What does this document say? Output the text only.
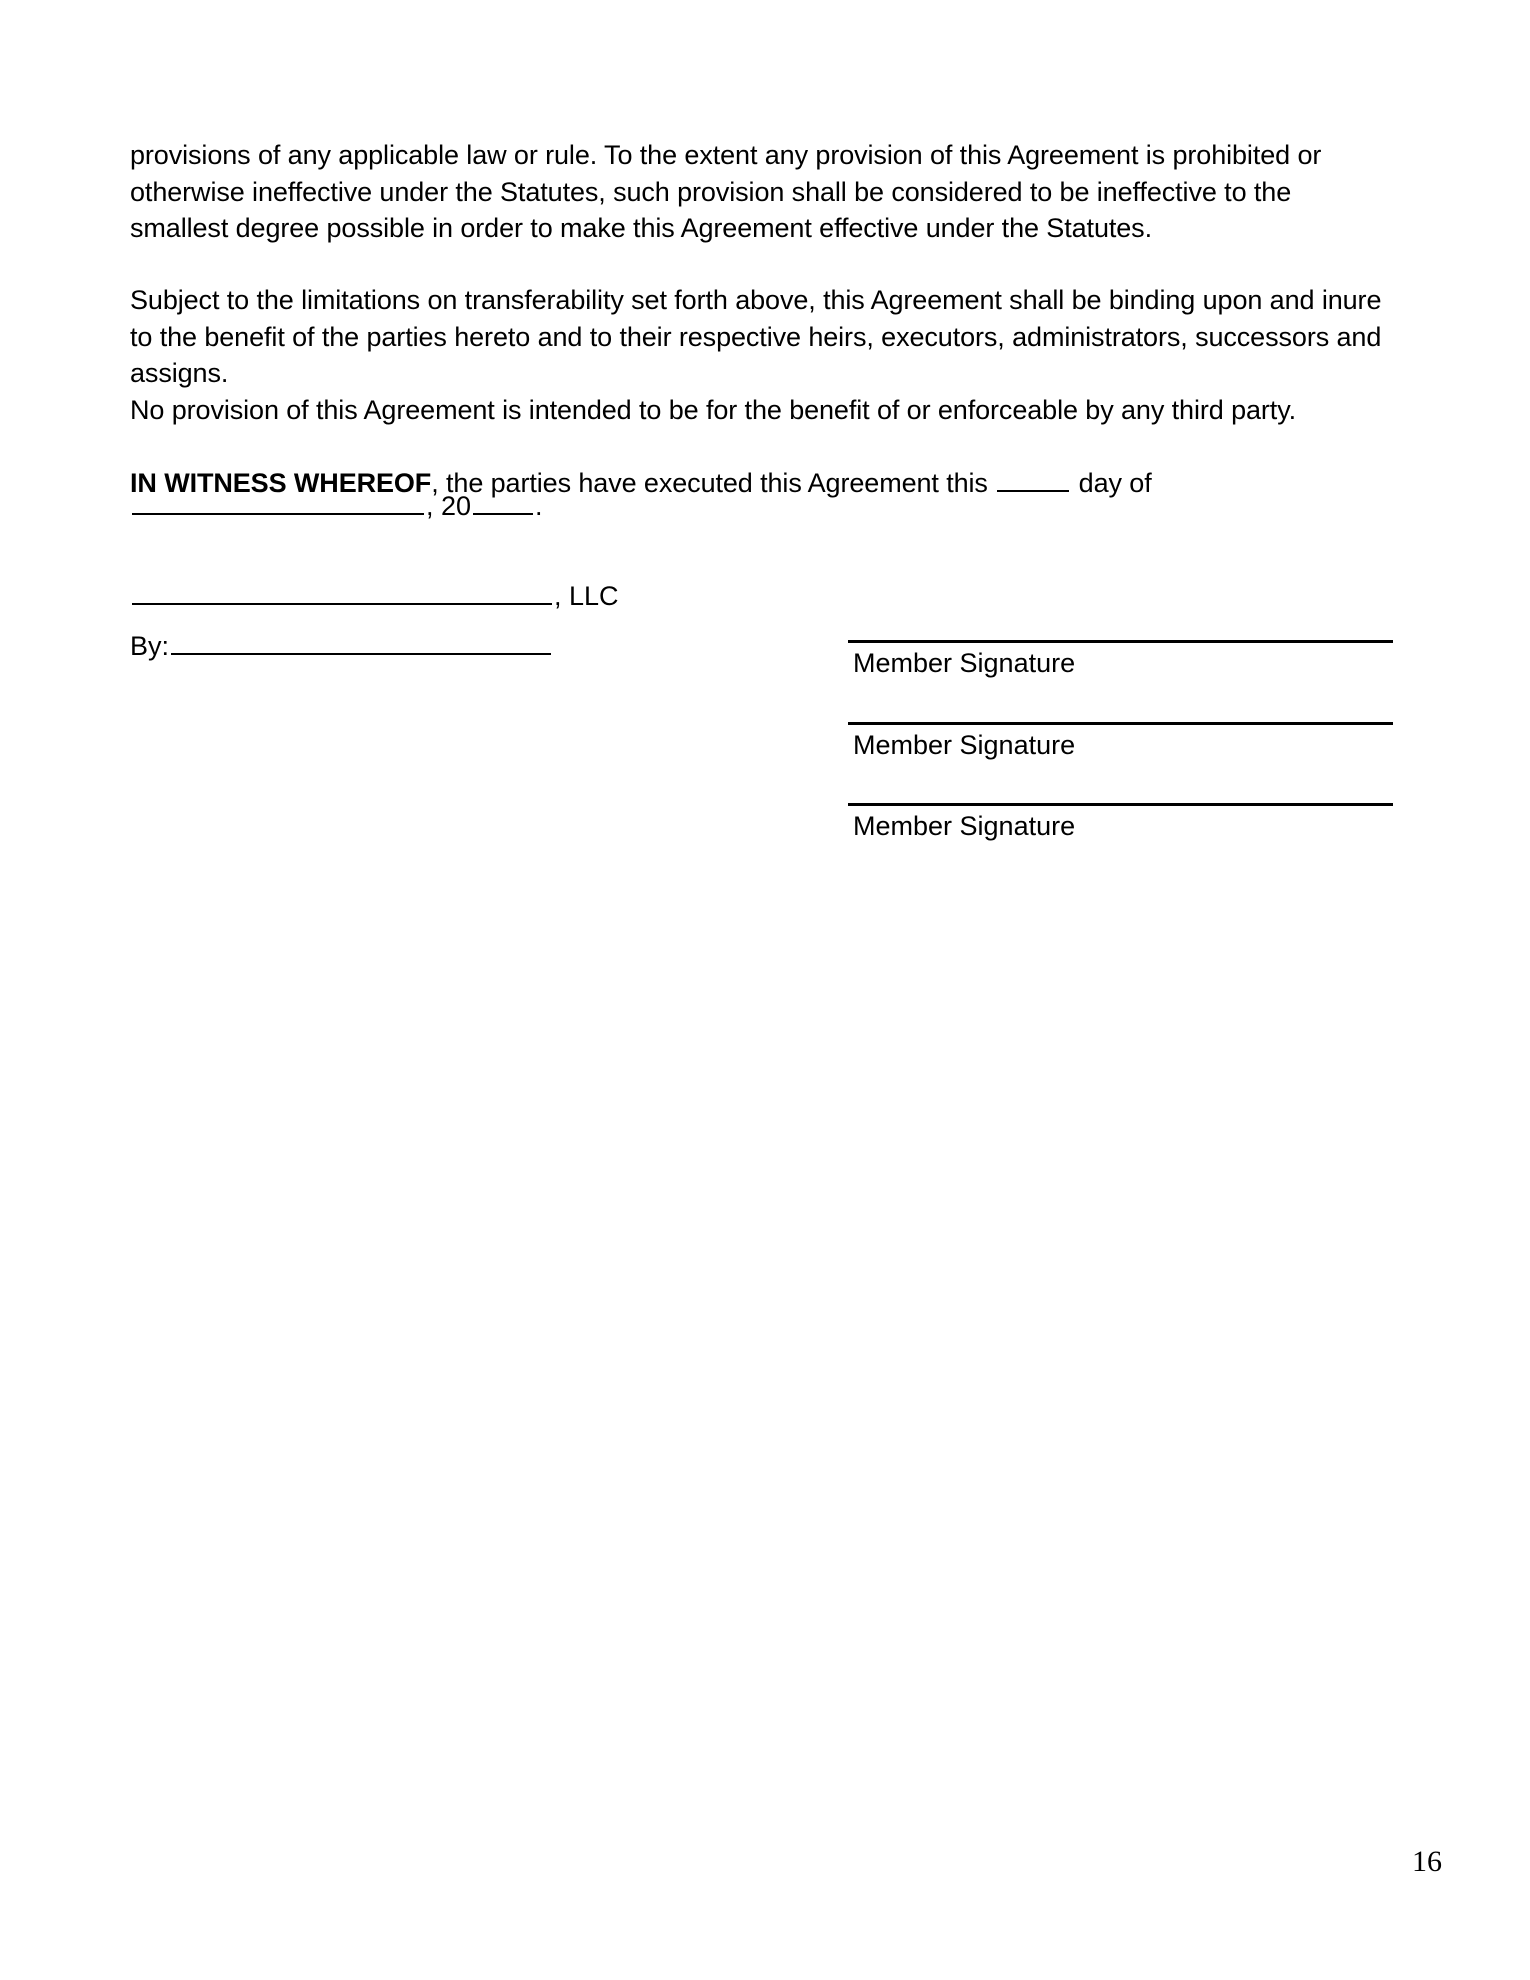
provisions of any applicable law or rule. To the extent any provision of this Agreement is prohibited or otherwise ineffective under the Statutes, such provision shall be considered to be ineffective to the smallest degree possible in order to make this Agreement effective under the Statutes.

Subject to the limitations on transferability set forth above, this Agreement shall be binding upon and inure to the benefit of the parties hereto and to their respective heirs, executors, administrators, successors and assigns.

No provision of this Agreement is intended to be for the benefit of or enforceable by any third party.

IN WITNESS WHEREOF, the parties have executed this Agreement this	day of

, 20 .
, LLC
By:
Member Signature
Member Signature
Member Signature
16
